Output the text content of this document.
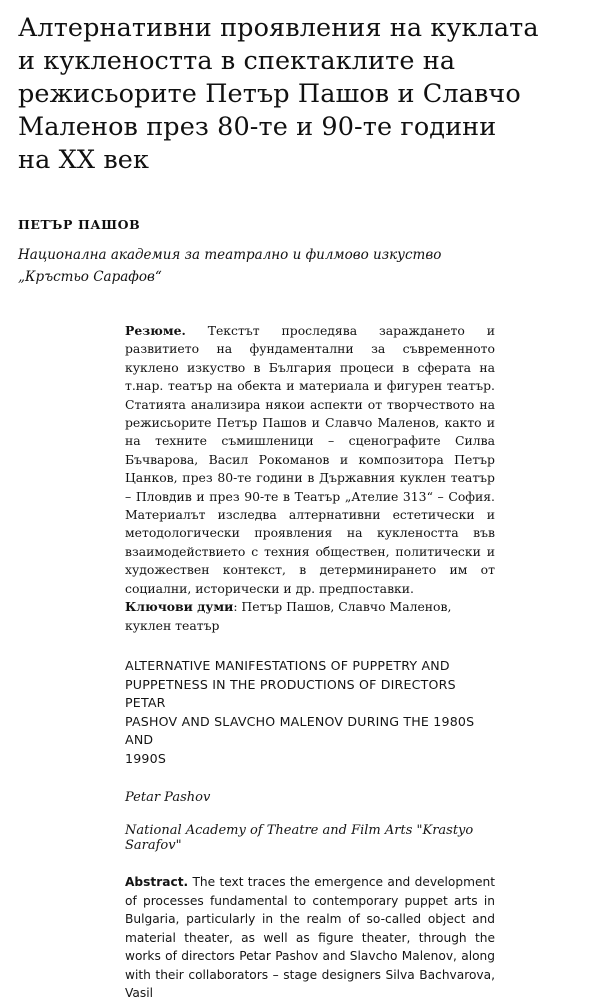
Алтернативни проявления на куклата
и куклеността в спектаклите на
режисьорите Петър Пашов и Славчо
Маленов през 80-те и 90-те години
на ХХ век
ПЕТЪР ПАШОВ
Национална академия за театрално и филмово изкуство
„Кръстьо Сарафов“

Резюме. Текстът проследява зараждането и развитието на фундаментални за съвременното куклено изкуство в България процеси в сферата на т.нар. театър на обекта и материала и фигурен театър. Статията анализира някои аспекти от творчеството на режисьорите Петър Пашов и Славчо Маленов, както и на техните съмишленици – сценографите Силва Бъчварова, Васил Рокоманов и композитора Петър Цанков, през 80-те години в Държавния куклен театър – Пловдив и през 90-те в Театър „Ателие 313“ – София. Материалът изследва алтернативни естетически и методологически проявления на куклеността във взаимодействието с техния обществен, политически и художествен контекст, в детерминирането им от социални, исторически и др. предпоставки.

Ключови думи: Петър Пашов, Славчо Маленов, куклен театър

ALTERNATIVE MANIFESTATIONS OF PUPPETRY AND
PUPPETNESS IN THE PRODUCTIONS OF DIRECTORS PETAR
PASHOV AND SLAVCHO MALENOV DURING THE 1980S AND
1990S
Petar Pashov
National Academy of Theatre and Film Arts "Krastyo Sarafov"

Abstract. The text traces the emergence and development of processes fundamental to contemporary puppet arts in Bulgaria, particularly in the realm of so-called object and material theater, as well as figure theater, through the works of directors Petar Pashov and Slavcho Malenov, along with their collaborators – stage designers Silva Bachvarova, Vasil
